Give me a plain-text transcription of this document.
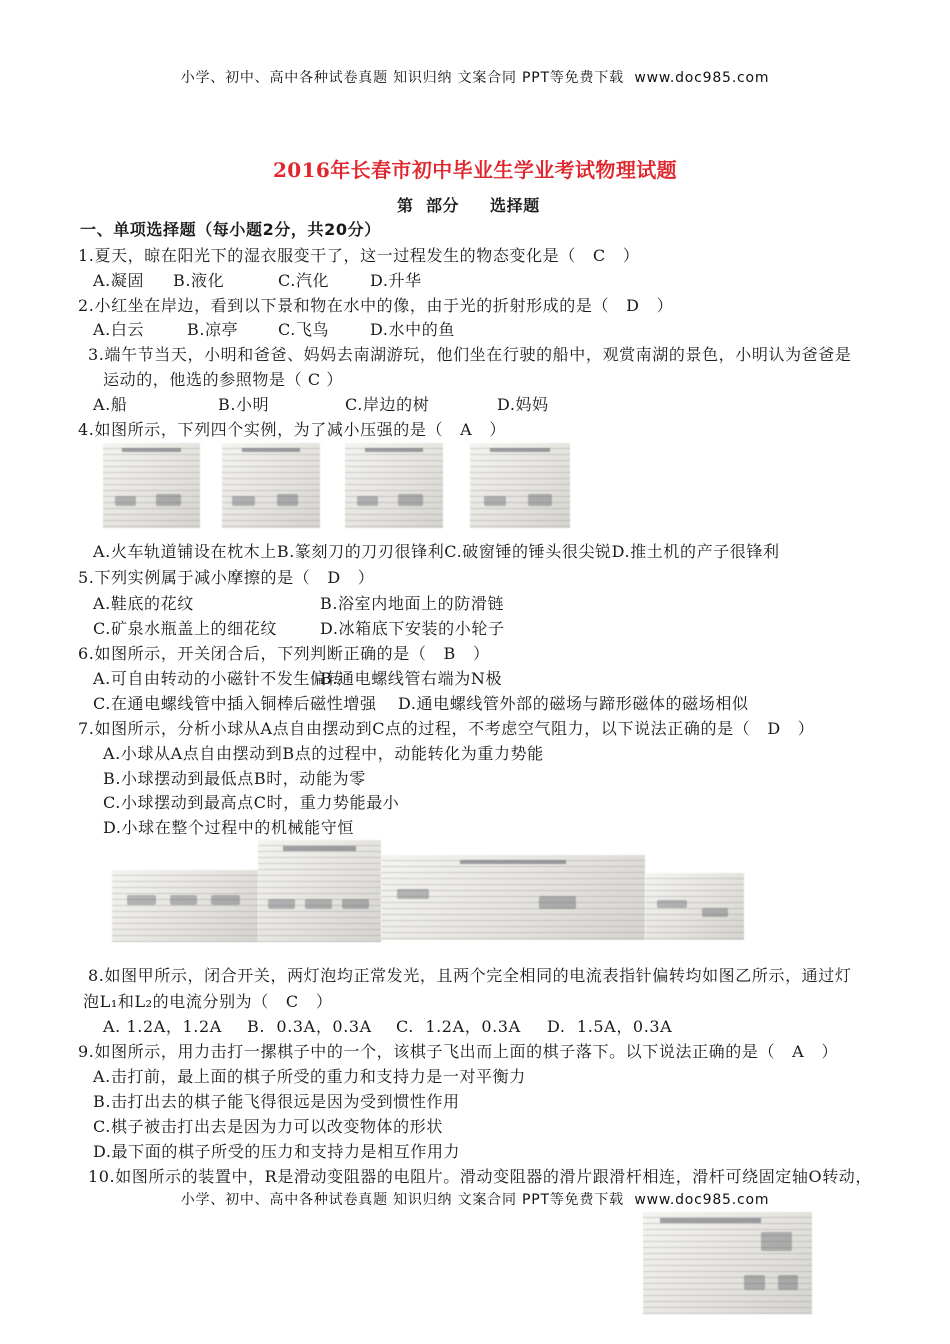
小学、初中、高中各种试卷真题 知识归纳 文案合同 PPT等免费下载  www.doc985.com
2016年长春市初中毕业生学业考试物理试题
第  部分 选择题
一、单项选择题（每小题2分，共20分）
1.夏天，晾在阳光下的湿衣服变干了，这一过程发生的物态变化是（   C   ）
A.凝固 B.液化	C.汽化	D.升华
2.小红坐在岸边，看到以下景和物在水中的像，由于光的折射形成的是（   D   ）
A.白云	B.凉亭 C.飞鸟	D.水中的鱼
3.端午节当天，小明和爸爸、妈妈去南湖游玩，他们坐在行驶的船中，观赏南湖的景色，小明认为爸爸是
运动的，他选的参照物是（ C ）
A.船	B.小明	C.岸边的树	D.妈妈
4.如图所示，下列四个实例，为了减小压强的是（   A   ）
A.火车轨道铺设在枕木上 B.篆刻刀的刀刃很锋利 C.破窗锤的锤头很尖锐 D.推土机的产子很锋利
5.下列实例属于减小摩擦的是（   D   ）
A.鞋底的花纹	B.浴室内地面上的防滑链
C.矿泉水瓶盖上的细花纹	D.冰箱底下安装的小轮子
6.如图所示，开关闭合后，下列判断正确的是（   B   ）
A.可自由转动的小磁针不发生偏转
B.通电螺线管右端为N极
C.在通电螺线管中插入铜棒后磁性增强 D.通电螺线管外部的磁场与蹄形磁体的磁场相似
7.如图所示，分析小球从A点自由摆动到C点的过程，不考虑空气阻力，以下说法正确的是（   D   ）
A.小球从A点自由摆动到B点的过程中，动能转化为重力势能
B.小球摆动到最低点B时，动能为零
C.小球摆动到最高点C时，重力势能最小
D.小球在整个过程中的机械能守恒
8.如图甲所示，闭合开关，两灯泡均正常发光，且两个完全相同的电流表指针偏转均如图乙所示，通过灯
泡L₁和L₂的电流分别为（   C   ）
A. 1.2A，1.2A B.  0.3A，0.3A C.  1.2A，0.3A D.  1.5A，0.3A
9.如图所示，用力击打一摞棋子中的一个，该棋子飞出而上面的棋子落下。以下说法正确的是（   A   ）
A.击打前，最上面的棋子所受的重力和支持力是一对平衡力
B.击打出去的棋子能飞得很远是因为受到惯性作用
C.棋子被击打出去是因为力可以改变物体的形状
D.最下面的棋子所受的压力和支持力是相互作用力
10.如图所示的装置中，R是滑动变阻器的电阻片。滑动变阻器的滑片跟滑杆相连，滑杆可绕固定轴O转动，
小学、初中、高中各种试卷真题 知识归纳 文案合同 PPT等免费下载  www.doc985.com
